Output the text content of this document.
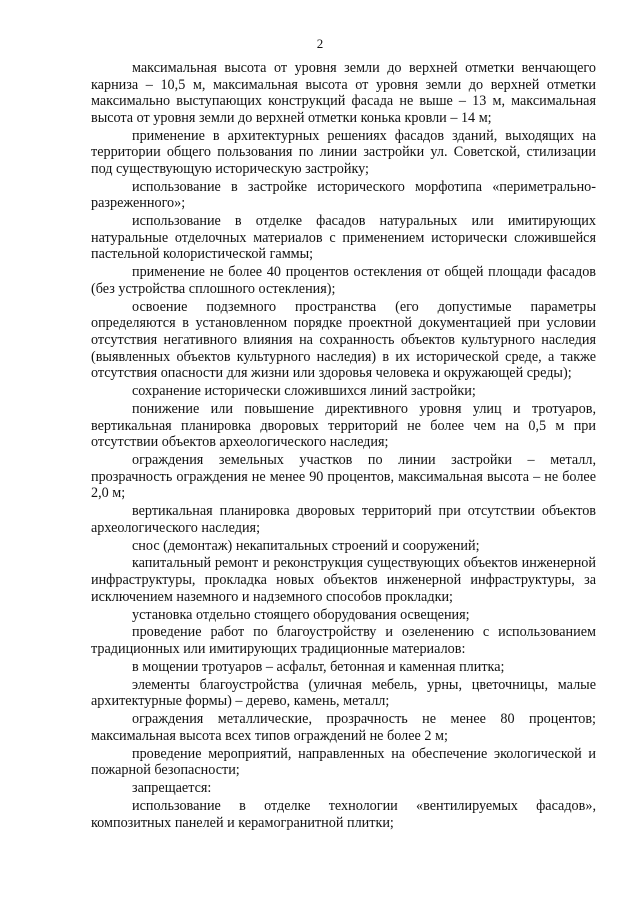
2

максимальная высота от уровня земли до верхней отметки венчающего карниза – 10,5 м, максимальная высота от уровня земли до верхней отметки максимально выступающих конструкций фасада не выше – 13 м, максимальная высота от уровня земли до верхней отметки конька кровли – 14 м;

применение в архитектурных решениях фасадов зданий, выходящих на территории общего пользования по линии застройки ул. Советской, стилизации под существующую историческую застройку;

использование в застройке исторического морфотипа «периметрально-разреженного»;

использование в отделке фасадов натуральных или имитирующих натуральные отделочных материалов с применением исторически сложившейся пастельной колористической гаммы;

применение не более 40 процентов остекления от общей площади фасадов (без устройства сплошного остекления);

освоение подземного пространства (его допустимые параметры определяются в установленном порядке проектной документацией при условии отсутствия негативного влияния на сохранность объектов культурного наследия (выявленных объектов культурного наследия) в их исторической среде, а также отсутствия опасности для жизни или здоровья человека и окружающей среды);

сохранение исторически сложившихся линий застройки;

понижение или повышение директивного уровня улиц и тротуаров, вертикальная планировка дворовых территорий не более чем на 0,5 м при отсутствии объектов археологического наследия;

ограждения земельных участков по линии застройки – металл, прозрачность ограждения не менее 90 процентов, максимальная высота – не более 2,0 м;

вертикальная планировка дворовых территорий при отсутствии объектов археологического наследия;

снос (демонтаж) некапитальных строений и сооружений;

капитальный ремонт и реконструкция существующих объектов инженерной инфраструктуры, прокладка новых объектов инженерной инфраструктуры, за исключением наземного и надземного способов прокладки;

установка отдельно стоящего оборудования освещения;

проведение работ по благоустройству и озеленению с использованием традиционных или имитирующих традиционные материалов:

в мощении тротуаров – асфальт, бетонная и каменная плитка;

элементы благоустройства (уличная мебель, урны, цветочницы, малые архитектурные формы) – дерево, камень, металл;

ограждения металлические, прозрачность не менее 80 процентов; максимальная высота всех типов ограждений не более 2 м;

проведение мероприятий, направленных на обеспечение экологической и пожарной безопасности;

запрещается:

использование в отделке технологии «вентилируемых фасадов», композитных панелей и керамогранитной плитки;
